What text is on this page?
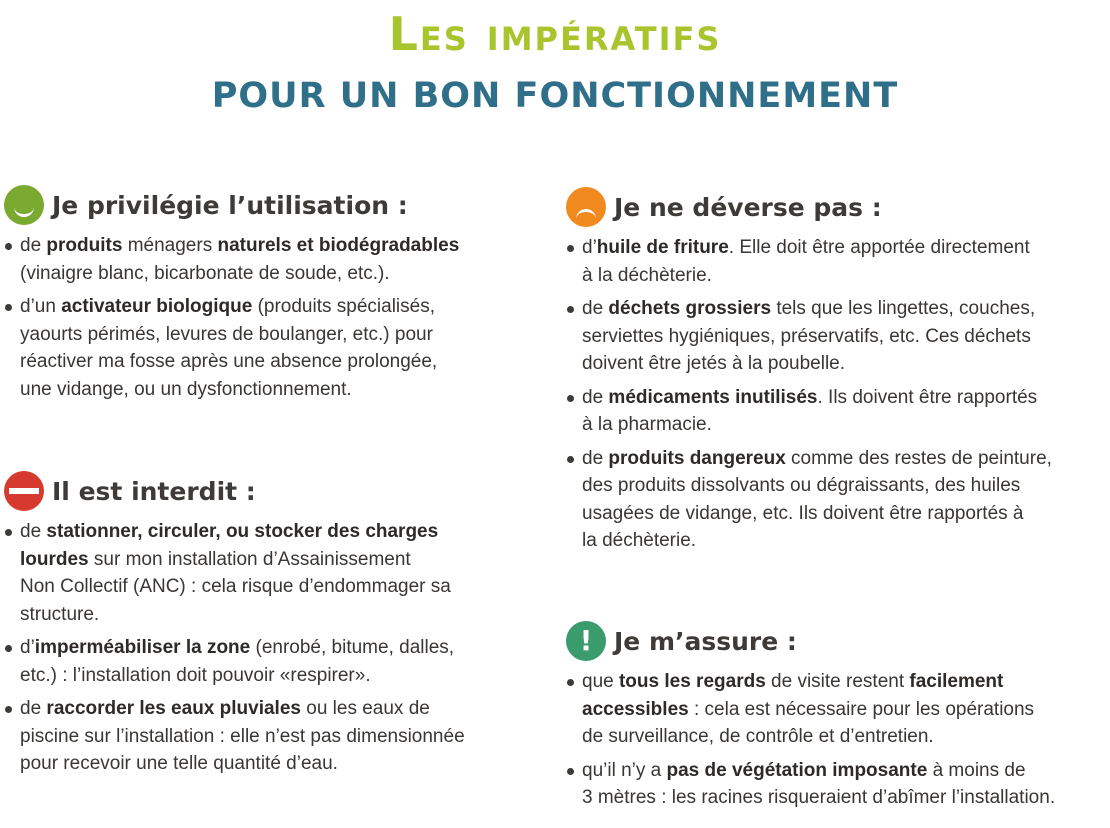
Les impératifs
POUR UN BON FONCTIONNEMENT
Je privilégie l’utilisation :
de produits ménagers naturels et biodégradables
(vinaigre blanc, bicarbonate de soude, etc.).
d’un activateur biologique (produits spécialisés,
yaourts périmés, levures de boulanger, etc.) pour
réactiver ma fosse après une absence prolongée,
une vidange, ou un dysfonctionnement.
Il est interdit :
de stationner, circuler, ou stocker des charges
lourdes sur mon installation d’Assainissement
Non Collectif (ANC) : cela risque d’endommager sa
structure.
d’imperméabiliser la zone (enrobé, bitume, dalles,
etc.) : l’installation doit pouvoir «respirer».
de raccorder les eaux pluviales ou les eaux de
piscine sur l’installation : elle n’est pas dimensionnée
pour recevoir une telle quantité d’eau.
Je ne déverse pas :
d’huile de friture. Elle doit être apportée directement
à la déchèterie.
de déchets grossiers tels que les lingettes, couches,
serviettes hygiéniques, préservatifs, etc. Ces déchets
doivent être jetés à la poubelle.
de médicaments inutilisés. Ils doivent être rapportés
à la pharmacie.
de produits dangereux comme des restes de peinture,
des produits dissolvants ou dégraissants, des huiles
usagées de vidange, etc. Ils doivent être rapportés à
la déchèterie.
! Je m’assure :
que tous les regards de visite restent facilement
accessibles : cela est nécessaire pour les opérations
de surveillance, de contrôle et d’entretien.
qu’il n’y a pas de végétation imposante à moins de
3 mètres : les racines risqueraient d’abîmer l’installation.
